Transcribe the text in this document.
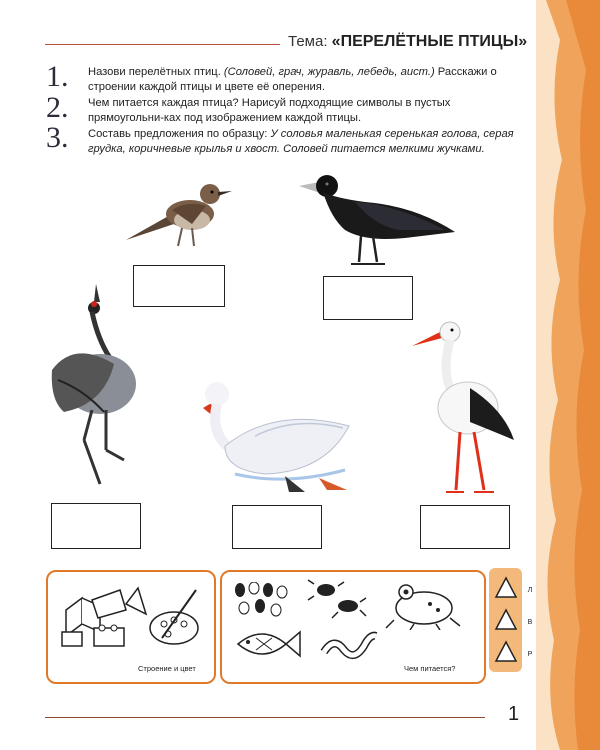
Тема: «ПЕРЕЛЁТНЫЕ ПТИЦЫ»
1. Назови перелётных птиц. (Соловей, грач, журавль, лебедь, аист.) Расскажи о строении каждой птицы и цвете её оперения.
2. Чем питается каждая птица? Нарисуй подходящие символы в пустых прямоугольни-ках под изображением каждой птицы.
3. Составь предложения по образцу: У соловья маленькая серенькая голова, серая грудка, коричневые крылья и хвост. Соловей питается мелкими жучками.
Строение и цвет	Чем питается?
Л
В
Р
1
